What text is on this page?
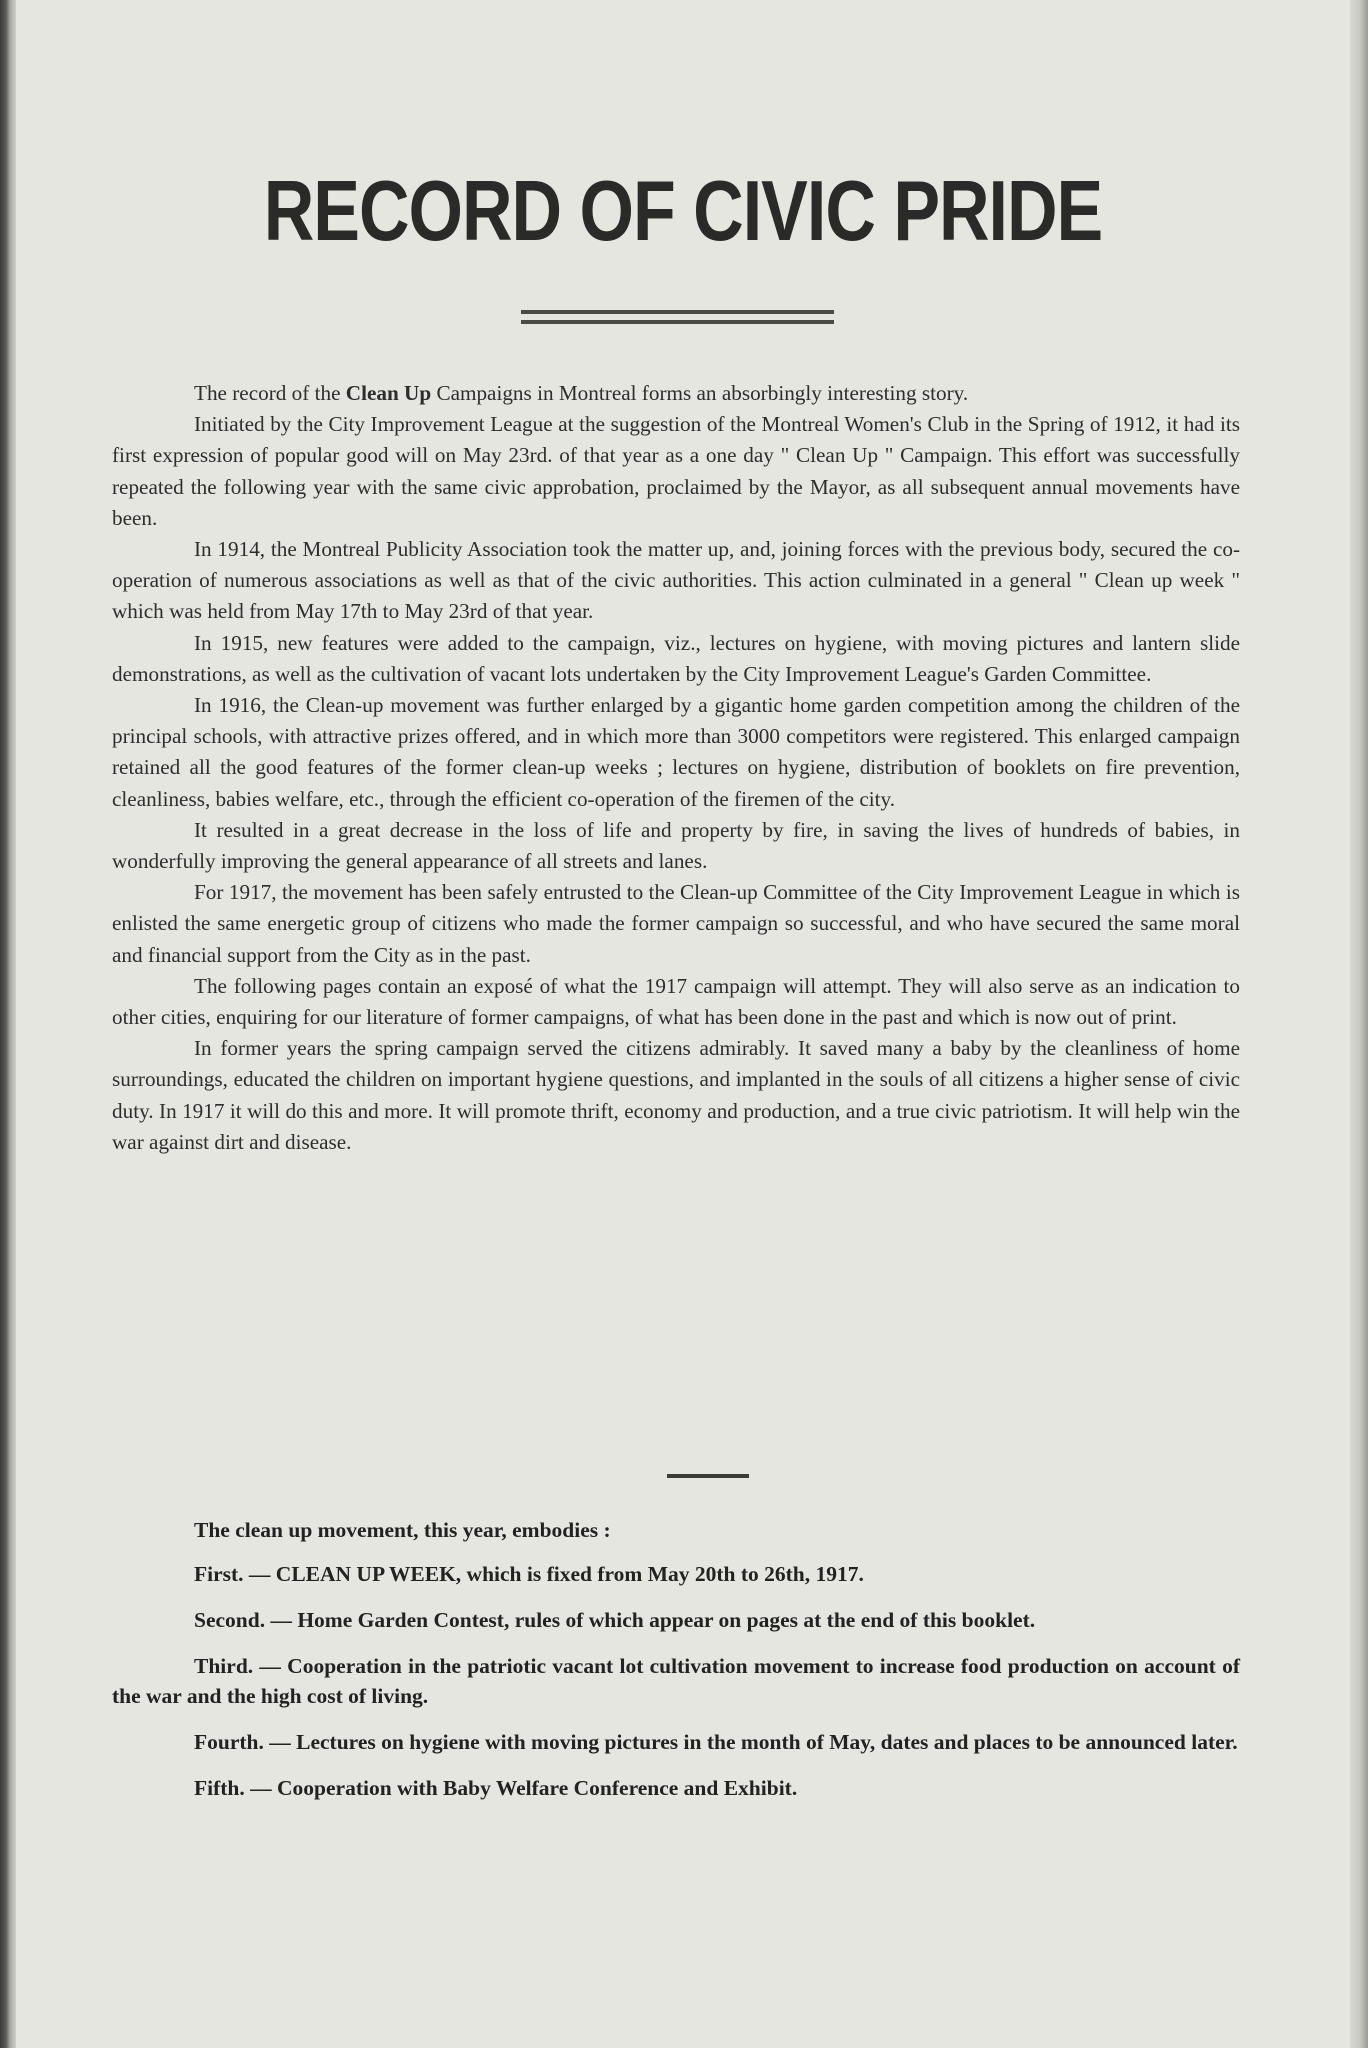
RECORD OF CIVIC PRIDE

The record of the Clean Up Campaigns in Montreal forms an absorbingly interesting story.

Initiated by the City Improvement League at the suggestion of the Montreal Women's Club in the Spring of 1912, it had its first expression of popular good will on May 23rd. of that year as a one day " Clean Up " Campaign. This effort was successfully repeated the following year with the same civic approbation, proclaimed by the Mayor, as all subsequent annual movements have been.

In 1914, the Montreal Publicity Association took the matter up, and, joining forces with the previous body, secured the co-operation of numerous associations as well as that of the civic authorities. This action culminated in a general " Clean up week " which was held from May 17th to May 23rd of that year.

In 1915, new features were added to the campaign, viz., lectures on hygiene, with moving pictures and lantern slide demonstrations, as well as the cultivation of vacant lots undertaken by the City Improvement League's Garden Committee.

In 1916, the Clean-up movement was further enlarged by a gigantic home garden competition among the children of the principal schools, with attractive prizes offered, and in which more than 3000 competitors were registered. This enlarged campaign retained all the good features of the former clean-up weeks ; lectures on hygiene, distribution of booklets on fire prevention, cleanliness, babies welfare, etc., through the efficient co-operation of the firemen of the city.

It resulted in a great decrease in the loss of life and property by fire, in saving the lives of hundreds of babies, in wonderfully improving the general appearance of all streets and lanes.

For 1917, the movement has been safely entrusted to the Clean-up Committee of the City Improvement League in which is enlisted the same energetic group of citizens who made the former campaign so successful, and who have secured the same moral and financial support from the City as in the past.

The following pages contain an exposé of what the 1917 campaign will attempt. They will also serve as an indication to other cities, enquiring for our literature of former campaigns, of what has been done in the past and which is now out of print.

In former years the spring campaign served the citizens admirably. It saved many a baby by the cleanliness of home surroundings, educated the children on important hygiene questions, and implanted in the souls of all citizens a higher sense of civic duty. In 1917 it will do this and more. It will promote thrift, economy and production, and a true civic patriotism. It will help win the war against dirt and disease.

The clean up movement, this year, embodies :

First. — CLEAN UP WEEK, which is fixed from May 20th to 26th, 1917.

Second. — Home Garden Contest, rules of which appear on pages at the end of this booklet.

Third. — Cooperation in the patriotic vacant lot cultivation movement to increase food production on account of the war and the high cost of living.

Fourth. — Lectures on hygiene with moving pictures in the month of May, dates and places to be announced later.

Fifth. — Cooperation with Baby Welfare Conference and Exhibit.
